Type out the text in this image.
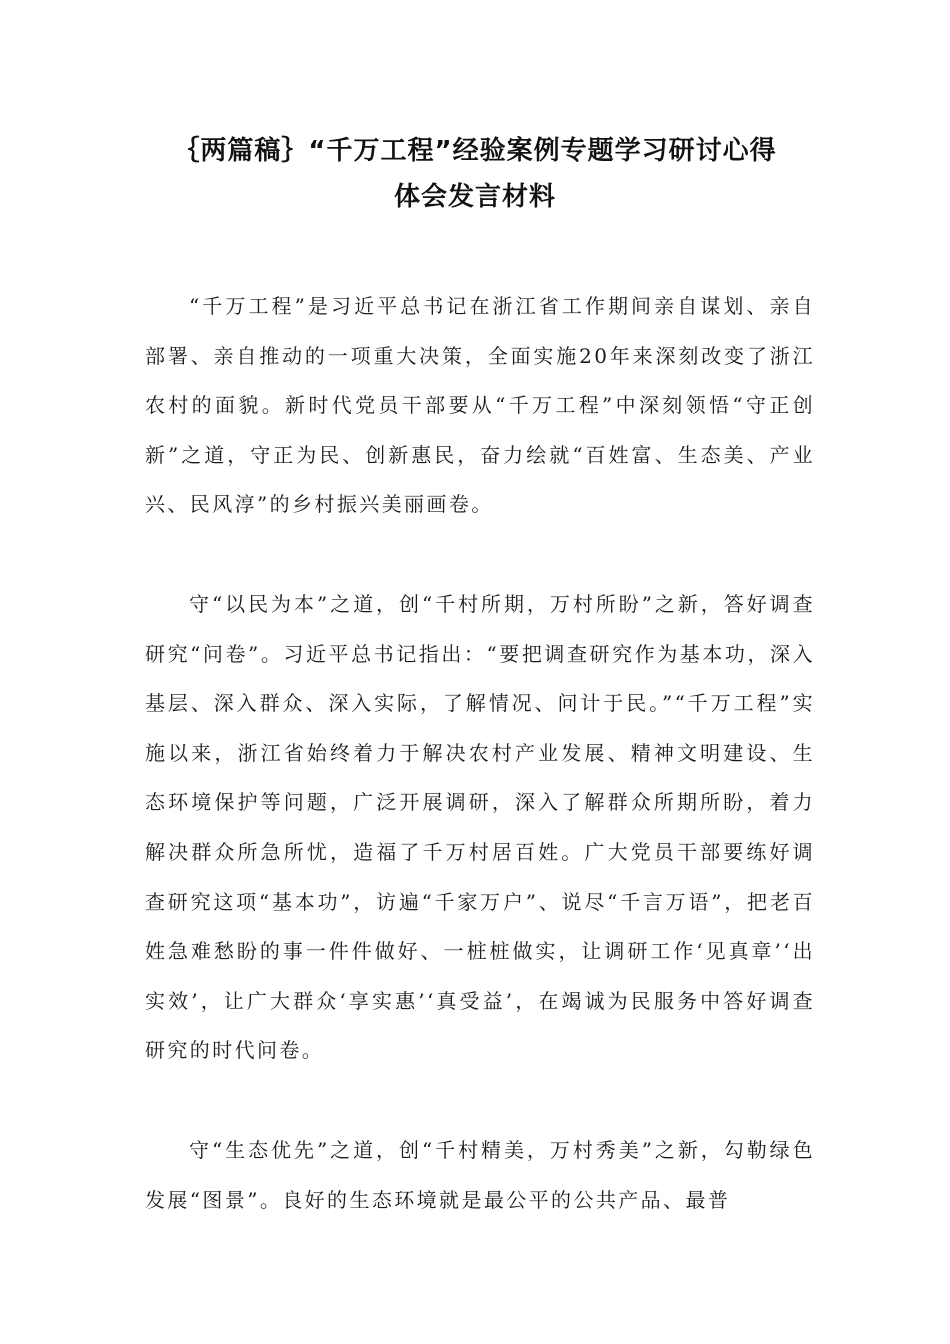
｛两篇稿｝“千万工程”经验案例专题学习研讨心得
体会发言材料

“千万工程”是习近平总书记在浙江省工作期间亲自谋划、亲自部署、亲自推动的一项重大决策，全面实施20年来深刻改变了浙江农村的面貌。新时代党员干部要从“千万工程”中深刻领悟“守正创新”之道，守正为民、创新惠民，奋力绘就“百姓富、生态美、产业兴、民风淳”的乡村振兴美丽画卷。

守“以民为本”之道，创“千村所期，万村所盼”之新，答好调查研究“问卷”。习近平总书记指出：“要把调查研究作为基本功，深入基层、深入群众、深入实际，了解情况、问计于民。”“千万工程”实施以来，浙江省始终着力于解决农村产业发展、精神文明建设、生态环境保护等问题，广泛开展调研，深入了解群众所期所盼，着力解决群众所急所忧，造福了千万村居百姓。广大党员干部要练好调查研究这项“基本功”，访遍“千家万户”、说尽“千言万语”，把老百姓急难愁盼的事一件件做好、一桩桩做实，让调研工作‘见真章’‘出实效’，让广大群众‘享实惠’‘真受益’，在竭诚为民服务中答好调查研究的时代问卷。

守“生态优先”之道，创“千村精美，万村秀美”之新，勾勒绿色发展“图景”。良好的生态环境就是最公平的公共产品、最普
